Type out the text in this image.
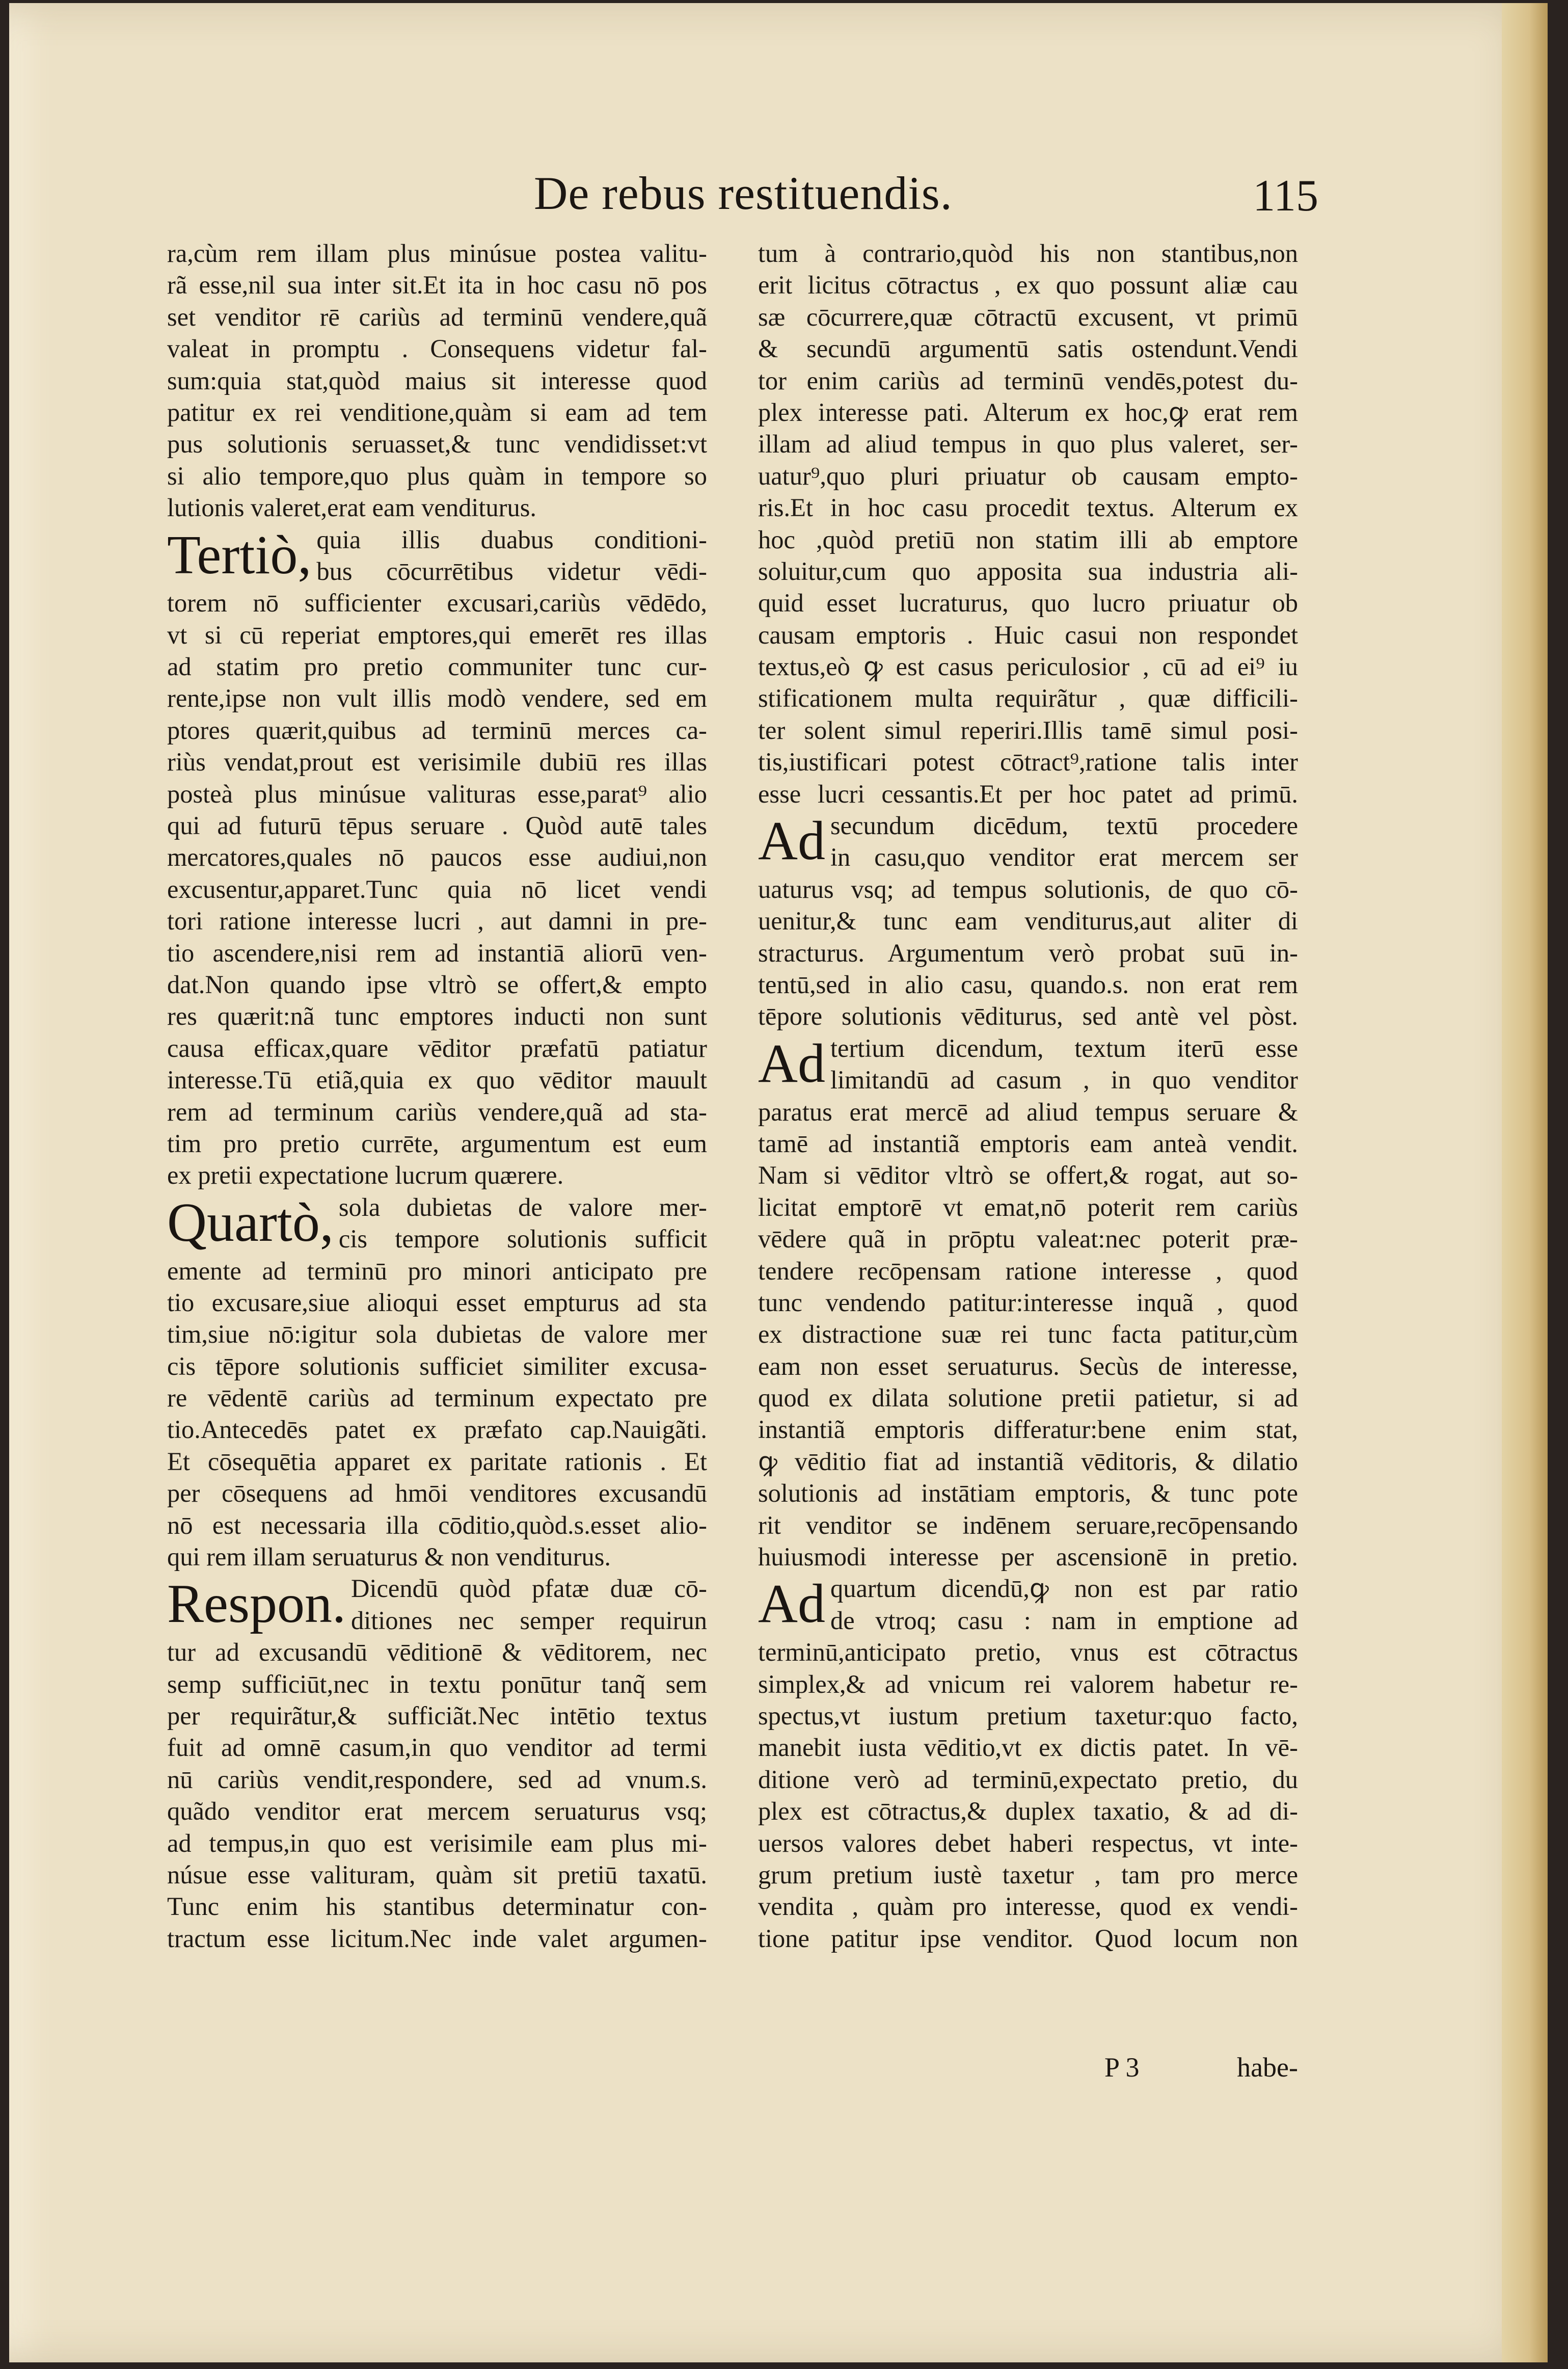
De rebus restituendis.	115
ra,cùm rem illam plus minúsue postea valitu-
rã esse,nil sua inter sit.Et ita in hoc casu nō pos
set venditor rē cariùs ad terminū vendere,quã
valeat in promptu . Consequens videtur fal-
sum:quia stat,quòd maius sit interesse quod
patitur ex rei venditione,quàm si eam ad tem
pus solutionis seruasset,& tunc vendidisset:vt
si alio tempore,quo plus quàm in tempore so
lutionis valeret,erat eam venditurus.
Tertiò, quia illis duabus conditioni-
bus cōcurrētibus videtur vēdi-
torem nō sufficienter excusari,cariùs vēdēdo,
vt si cū reperiat emptores,qui emerēt res illas
ad statim pro pretio communiter tunc cur-
rente,ipse non vult illis modò vendere, sed em
ptores quærit,quibus ad terminū merces ca-
riùs vendat,prout est verisimile dubiū res illas
posteà plus minúsue valituras esse,parat⁹ alio
qui ad futurū tēpus seruare . Quòd autē tales
mercatores,quales nō paucos esse audiui,non
excusentur,apparet.Tunc quia nō licet vendi
tori ratione interesse lucri , aut damni in pre-
tio ascendere,nisi rem ad instantiā aliorū ven-
dat.Non quando ipse vltrò se offert,& empto
res quærit:nã tunc emptores inducti non sunt
causa efficax,quare vēditor præfatū patiatur
interesse.Tū etiã,quia ex quo vēditor mauult
rem ad terminum cariùs vendere,quã ad sta-
tim pro pretio currēte, argumentum est eum
ex pretii expectatione lucrum quærere.
Quartò, sola dubietas de valore mer-
cis tempore solutionis sufficit
emente ad terminū pro minori anticipato pre
tio excusare,siue alioqui esset empturus ad sta
tim,siue nō:igitur sola dubietas de valore mer
cis tēpore solutionis sufficiet similiter excusa-
re vēdentē cariùs ad terminum expectato pre
tio.Antecedēs patet ex præfato cap.Nauigãti.
Et cōsequētia apparet ex paritate rationis . Et
per cōsequens ad hmōi venditores excusandū
nō est necessaria illa cōditio,quòd.s.esset alio-
qui rem illam seruaturus & non venditurus.
Respon. Dicendū quòd pfatæ duæ cō-
ditiones nec semper requirun
tur ad excusandū vēditionē & vēditorem, nec
semp sufficiūt,nec in textu ponūtur tanq̃ sem
per requirãtur,& sufficiãt.Nec intētio textus
fuit ad omnē casum,in quo venditor ad termi
nū cariùs vendit,respondere, sed ad vnum.s.
quãdo venditor erat mercem seruaturus vsq;
ad tempus,in quo est verisimile eam plus mi-
núsue esse valituram, quàm sit pretiū taxatū.
Tunc enim his stantibus determinatur con-
tractum esse licitum.Nec inde valet argumen-
tum à contrario,quòd his non stantibus,non
erit licitus cōtractus , ex quo possunt aliæ cau
sæ cōcurrere,quæ cōtractū excusent, vt primū
& secundū argumentū satis ostendunt.Vendi
tor enim cariùs ad terminū vendēs,potest du-
plex interesse pati. Alterum ex hoc,ꝙ erat rem
illam ad aliud tempus in quo plus valeret, ser-
uatur⁹,quo pluri priuatur ob causam empto-
ris.Et in hoc casu procedit textus. Alterum ex
hoc ,quòd pretiū non statim illi ab emptore
soluitur,cum quo apposita sua industria ali-
quid esset lucraturus, quo lucro priuatur ob
causam emptoris . Huic casui non respondet
textus,eò ꝙ est casus periculosior , cū ad ei⁹ iu
stificationem multa requirãtur , quæ difficili-
ter solent simul reperiri.Illis tamē simul posi-
tis,iustificari potest cōtract⁹,ratione talis inter
esse lucri cessantis.Et per hoc patet ad primū.
Ad secundum dicēdum, textū procedere
in casu,quo venditor erat mercem ser
uaturus vsq; ad tempus solutionis, de quo cō-
uenitur,& tunc eam venditurus,aut aliter di
stracturus. Argumentum verò probat suū in-
tentū,sed in alio casu, quando.s. non erat rem
tēpore solutionis vēditurus, sed antè vel pòst.
Ad tertium dicendum, textum iterū esse
limitandū ad casum , in quo venditor
paratus erat mercē ad aliud tempus seruare &
tamē ad instantiã emptoris eam anteà vendit.
Nam si vēditor vltrò se offert,& rogat, aut so-
licitat emptorē vt emat,nō poterit rem cariùs
vēdere quã in prōptu valeat:nec poterit præ-
tendere recōpensam ratione interesse , quod
tunc vendendo patitur:interesse inquã , quod
ex distractione suæ rei tunc facta patitur,cùm
eam non esset seruaturus. Secùs de interesse,
quod ex dilata solutione pretii patietur, si ad
instantiã emptoris differatur:bene enim stat,
ꝙ vēditio fiat ad instantiã vēditoris, & dilatio
solutionis ad instātiam emptoris, & tunc pote
rit venditor se indēnem seruare,recōpensando
huiusmodi interesse per ascensionē in pretio.
Ad quartum dicendū,ꝙ non est par ratio
de vtroq; casu : nam in emptione ad
terminū,anticipato pretio, vnus est cōtractus
simplex,& ad vnicum rei valorem habetur re-
spectus,vt iustum pretium taxetur:quo facto,
manebit iusta vēditio,vt ex dictis patet. In vē-
ditione verò ad terminū,expectato pretio, du
plex est cōtractus,& duplex taxatio, & ad di-
uersos valores debet haberi respectus, vt inte-
grum pretium iustè taxetur , tam pro merce
vendita , quàm pro interesse, quod ex vendi-
tione patitur ipse venditor. Quod locum non
P 3	habe-
